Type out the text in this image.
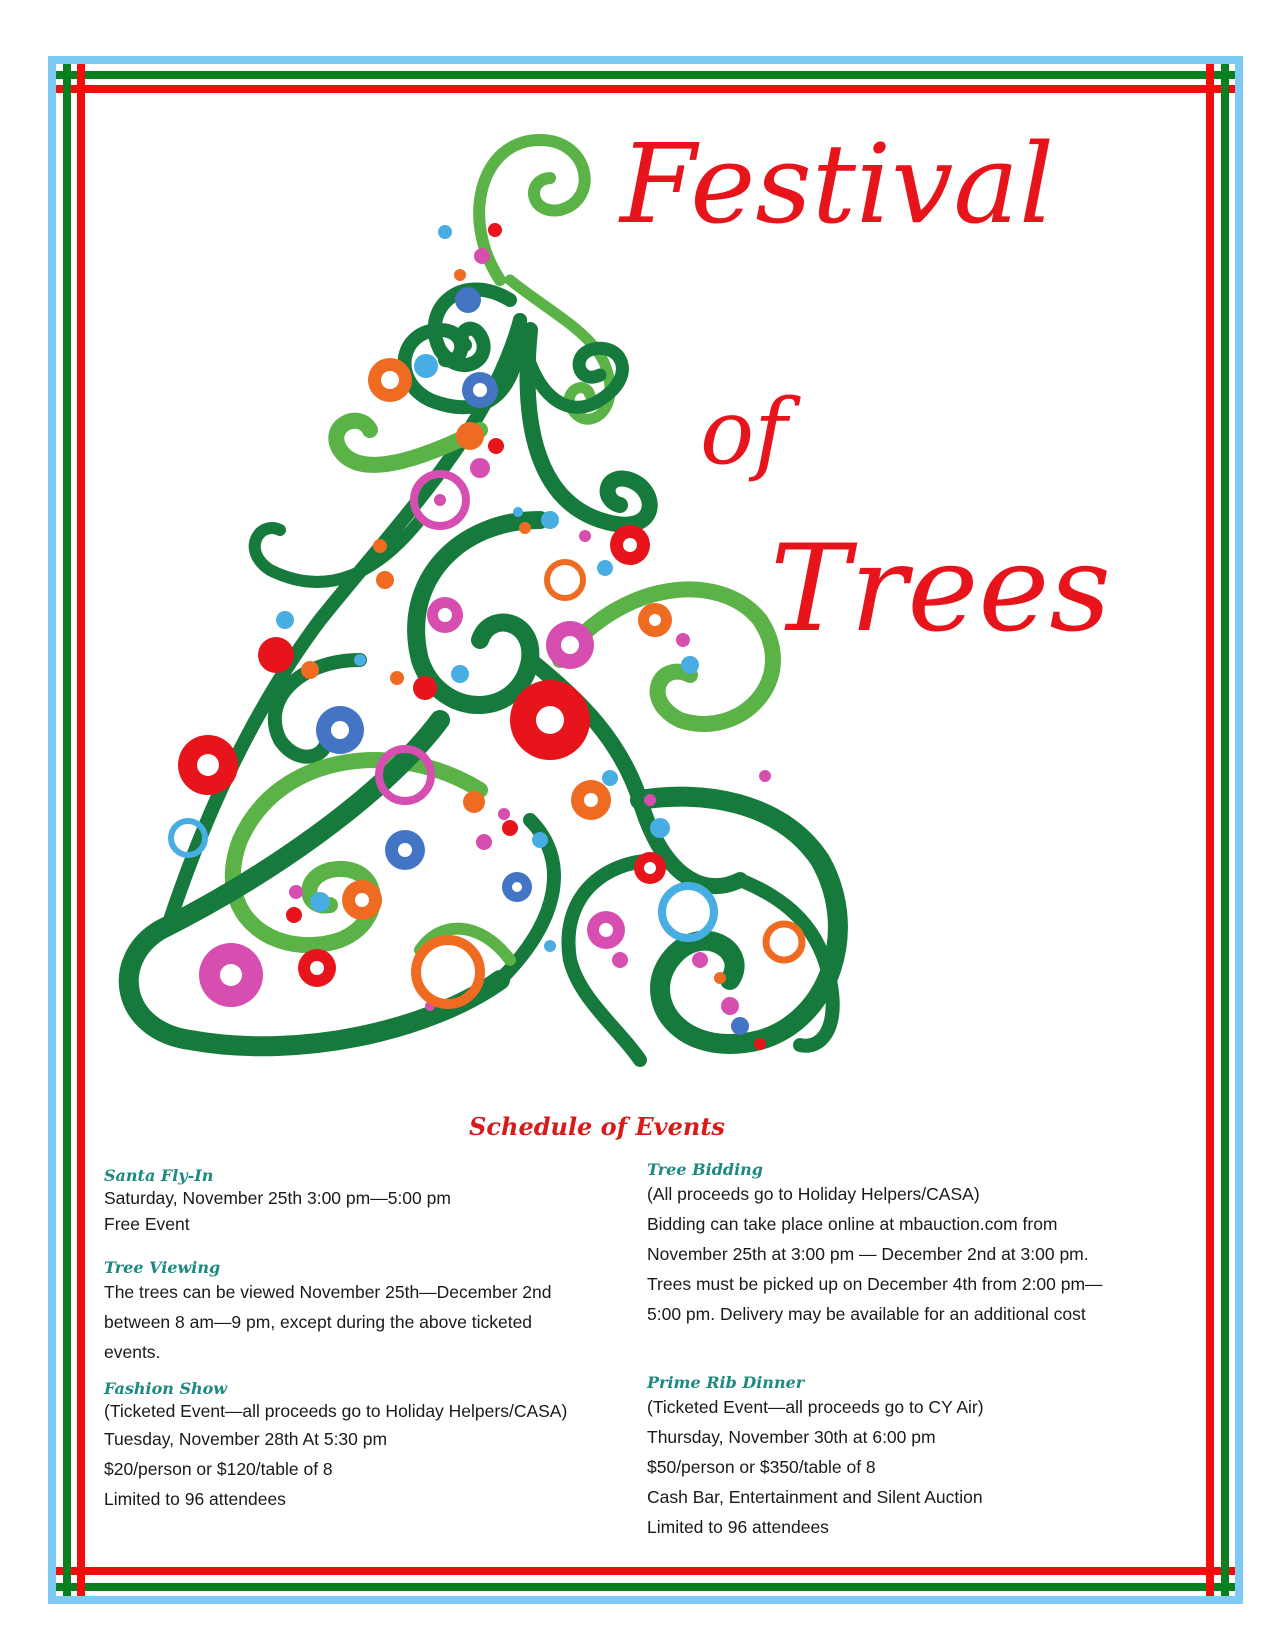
Festival
of
Trees
Schedule of Events

Santa Fly-In

Saturday, November 25th 3:00 pm—5:00 pm

Free Event

Tree Viewing

The trees can be viewed November 25th—December 2nd

between 8 am—9 pm, except during the above ticketed

events.

Fashion Show

(Ticketed Event—all proceeds go to Holiday Helpers/CASA)

Tuesday, November 28th At 5:30 pm

$20/person or $120/table of 8

Limited to 96 attendees

Tree Bidding

(All proceeds go to Holiday Helpers/CASA)

Bidding can take place online at mbauction.com from

November 25th at 3:00 pm — December 2nd at 3:00 pm.

Trees must be picked up on December 4th from 2:00 pm—

5:00 pm. Delivery may be available for an additional cost

Prime Rib Dinner

(Ticketed Event—all proceeds go to CY Air)

Thursday, November 30th at 6:00 pm

$50/person or $350/table of 8

Cash Bar, Entertainment and Silent Auction

Limited to 96 attendees
